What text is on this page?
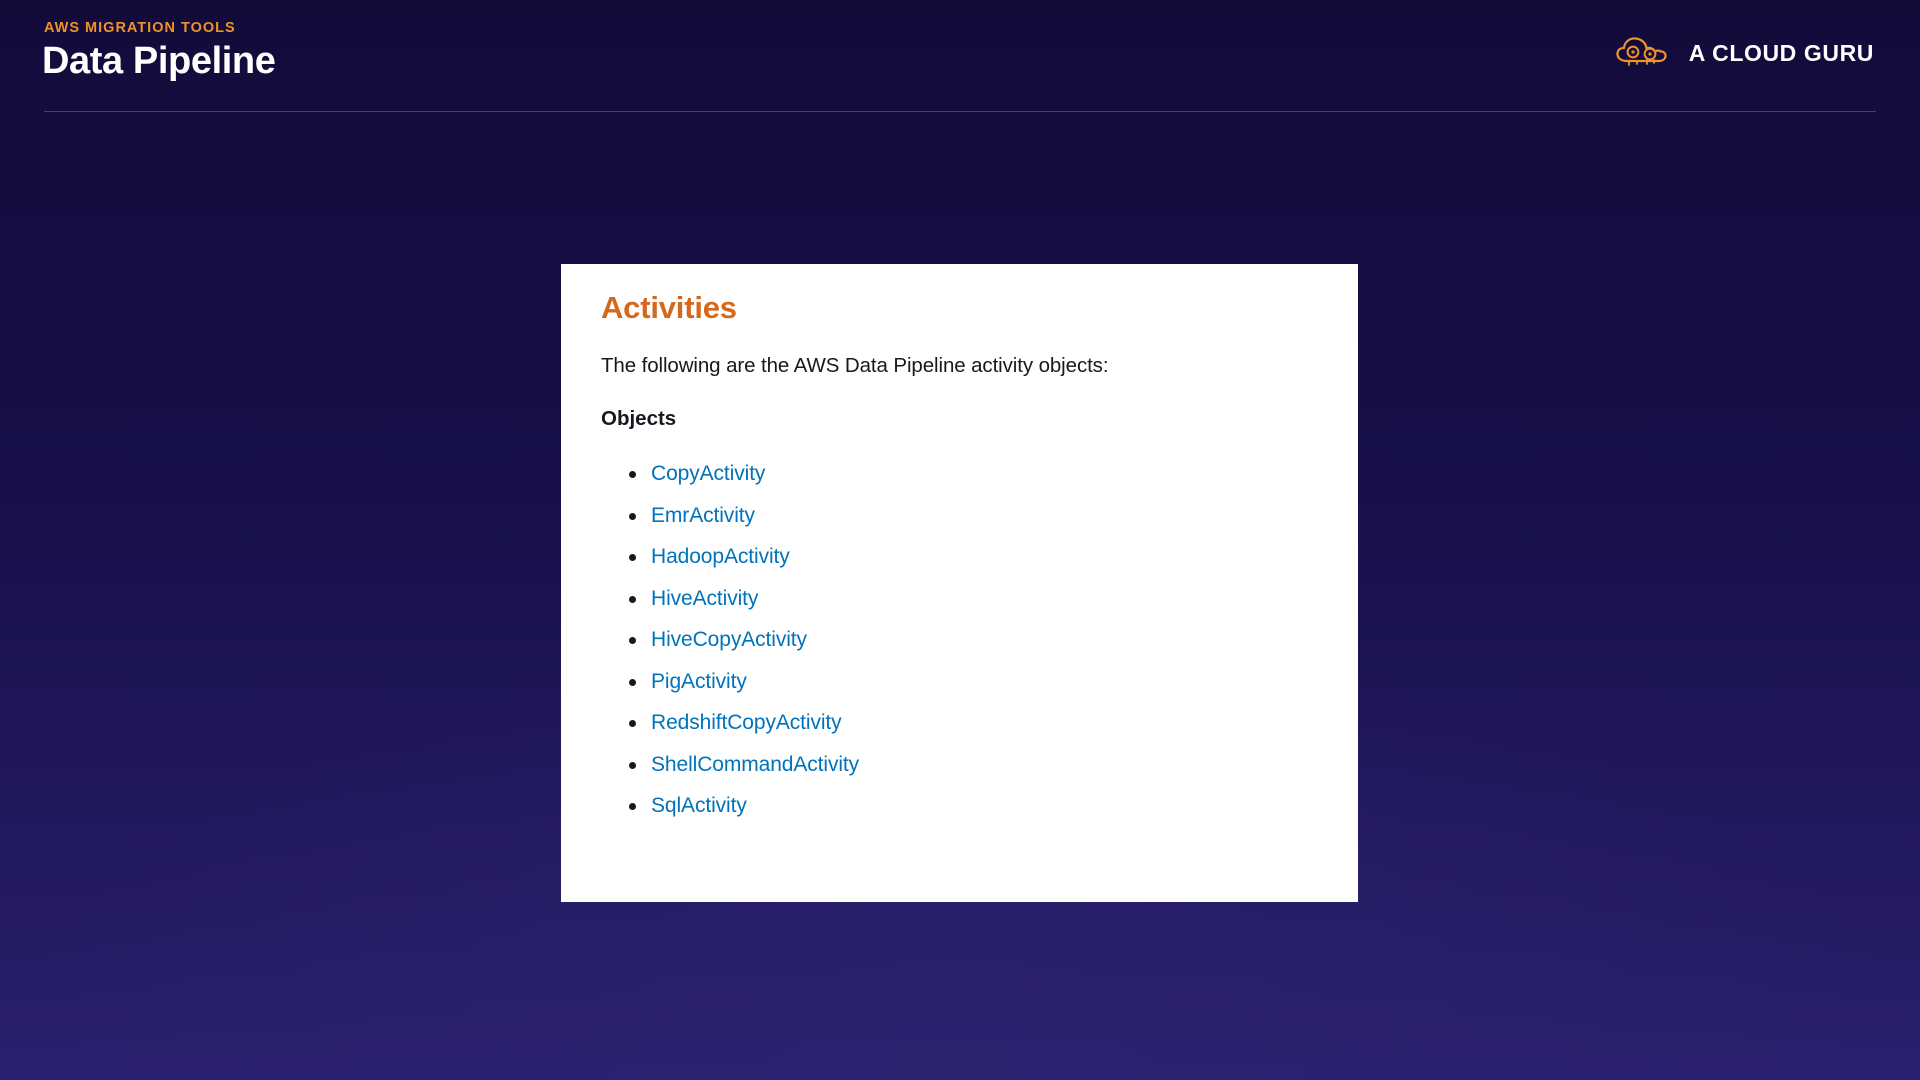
AWS MIGRATION TOOLS
Data Pipeline	A CLOUD GURU
Activities
The following are the AWS Data Pipeline activity objects:
Objects
CopyActivity
EmrActivity
HadoopActivity
HiveActivity
HiveCopyActivity
PigActivity
RedshiftCopyActivity
ShellCommandActivity
SqlActivity
